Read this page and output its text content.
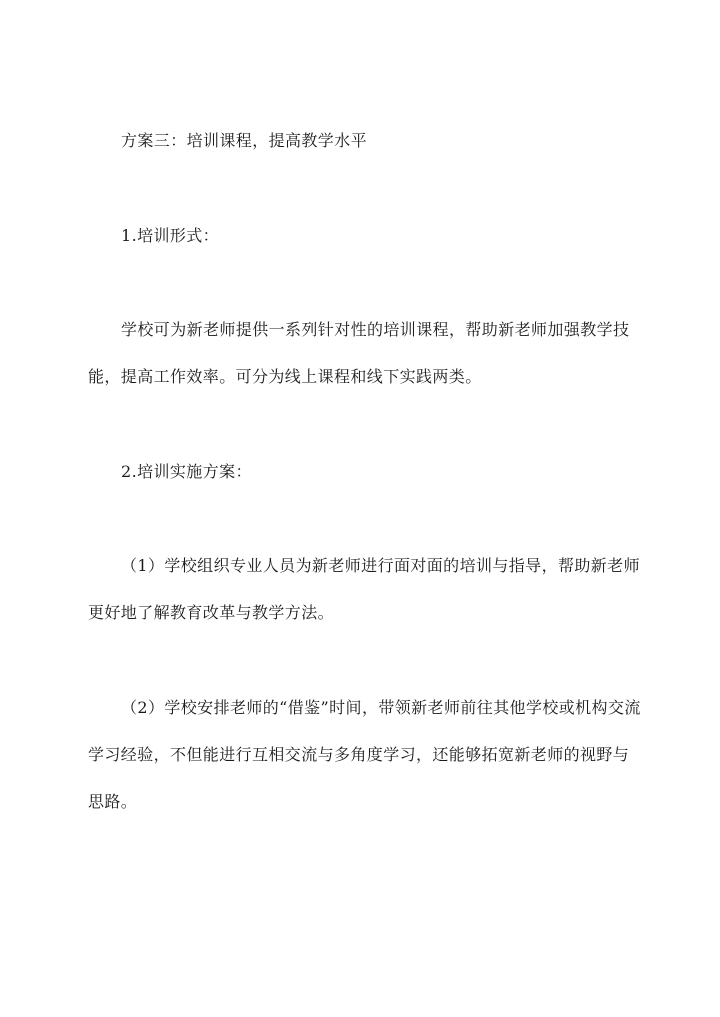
方案三：培训课程，提高教学水平

1.培训形式：

学校可为新老师提供一系列针对性的培训课程，帮助新老师加强教学技能，提高工作效率。可分为线上课程和线下实践两类。

2.培训实施方案：

（1）学校组织专业人员为新老师进行面对面的培训与指导，帮助新老师更好地了解教育改革与教学方法。

（2）学校安排老师的“借鉴”时间，带领新老师前往其他学校或机构交流学习经验，不但能进行互相交流与多角度学习，还能够拓宽新老师的视野与思路。
